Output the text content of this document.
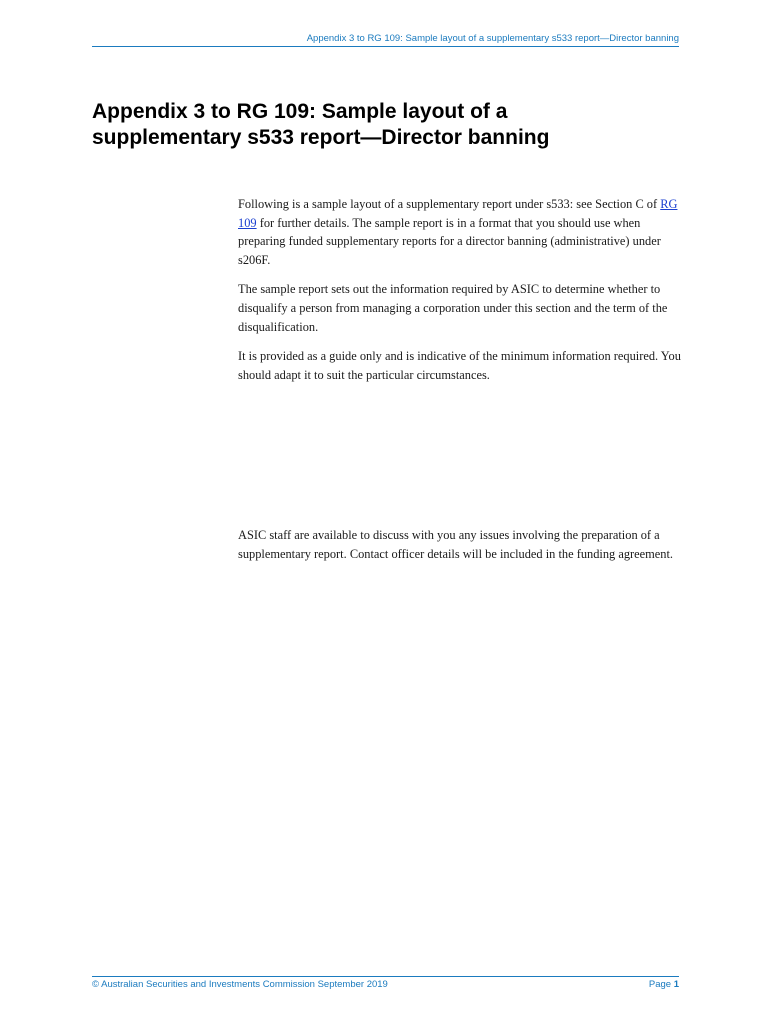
Appendix 3 to RG 109: Sample layout of a supplementary s533 report—Director banning
Appendix 3 to RG 109: Sample layout of a
supplementary s533 report—Director banning

Following is a sample layout of a supplementary report under s533: see Section C of RG 109 for further details. The sample report is in a format that you should use when preparing funded supplementary reports for a director banning (administrative) under s206F.

The sample report sets out the information required by ASIC to determine whether to disqualify a person from managing a corporation under this section and the term of the disqualification.

It is provided as a guide only and is indicative of the minimum information required. You should adapt it to suit the particular circumstances.

ASIC staff are available to discuss with you any issues involving the preparation of a supplementary report. Contact officer details will be included in the funding agreement.

© Australian Securities and Investments Commission September 2019	Page 1
